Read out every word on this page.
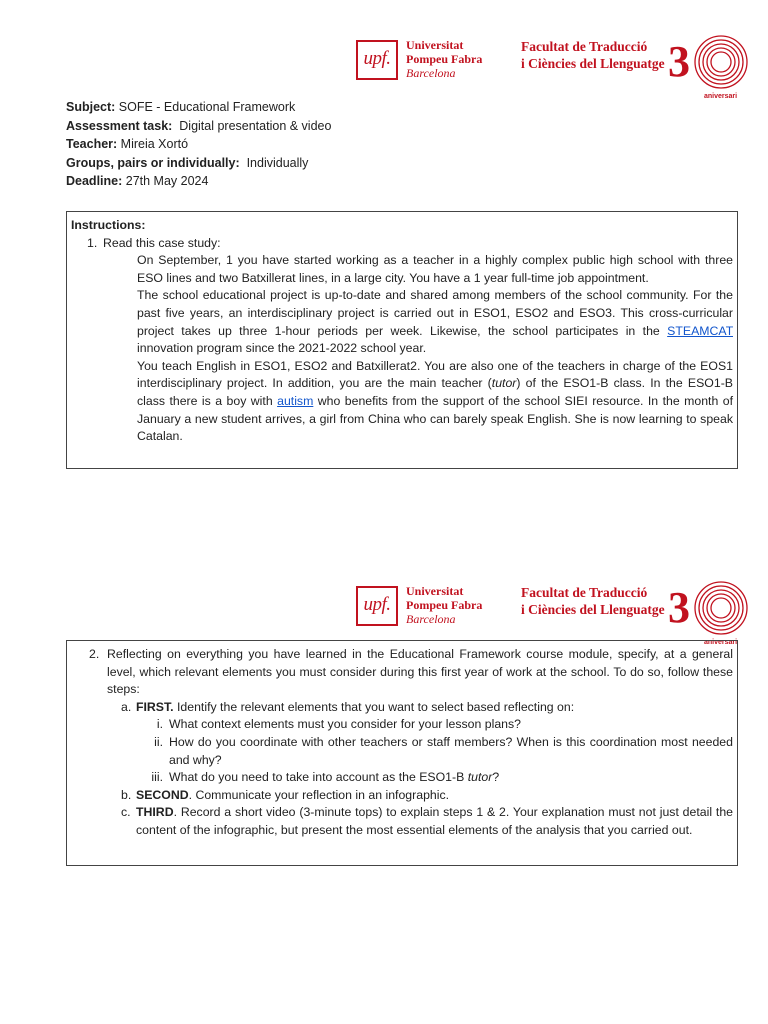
upf.
Universitat
Pompeu Fabra
Barcelona
Facultat de Traducció
i Ciències del Llenguatge 3
aniversari
Subject: SOFE - Educational Framework
Assessment task:  Digital presentation & video
Teacher: Mireia Xortó
Groups, pairs or individually:  Individually
Deadline: 27th May 2024
Instructions:
1. Read this case study:
On September, 1 you have started working as a teacher in a highly complex public high school with three ESO lines and two Batxillerat lines, in a large city. You have a 1 year full-time job appointment.
The school educational project is up-to-date and shared among members of the school community. For the past five years, an interdisciplinary project is carried out in ESO1, ESO2 and ESO3. This cross-curricular project takes up three 1-hour periods per week. Likewise, the school participates in the STEAMCAT innovation program since the 2021-2022 school year.
You teach English in ESO1, ESO2 and Batxillerat2. You are also one of the teachers in charge of the EOS1 interdisciplinary project. In addition, you are the main teacher (tutor) of the ESO1-B class. In the ESO1-B class there is a boy with autism who benefits from the support of the school SIEI resource. In the month of January a new student arrives, a girl from China who can barely speak English. She is now learning to speak Catalan.
upf.
Universitat
Pompeu Fabra
Barcelona
Facultat de Traducció
i Ciències del Llenguatge 3
aniversari
2. Reflecting on everything you have learned in the Educational Framework course module, specify, at a general level, which relevant elements you must consider during this first year of work at the school. To do so, follow these steps:
a. FIRST. Identify the relevant elements that you want to select based reflecting on:
i. What context elements must you consider for your lesson plans?
ii. How do you coordinate with other teachers or staff members? When is this coordination most needed and why?
iii. What do you need to take into account as the ESO1-B tutor?
b. SECOND. Communicate your reflection in an infographic.
c. THIRD. Record a short video (3-minute tops) to explain steps 1 & 2. Your explanation must not just detail the content of the infographic, but present the most essential elements of the analysis that you carried out.
